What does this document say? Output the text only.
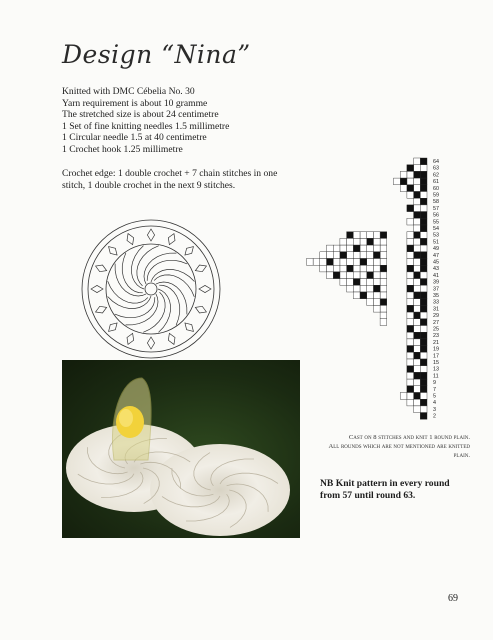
Design “Nina”
Knitted with DMC Cébelia No. 30
Yarn requirement is about 10 gramme
The stretched size is about 24 centimetre
1 Set of fine knitting needles 1.5 millimetre
1 Circular needle 1.5 at 40 centimetre
1 Crochet hook 1.25 millimetre
Crochet edge: 1 double crochet + 7 chain stitches in one stitch, 1 double crochet in the next 9 stitches.
64
63
62
61
60
59
58
57
56
55
54
53
51
49
47
45
43
41
39
37
35
33
31
29
27
25
23
21
19
17
15
13
11
9
7
5
4
3
2
Cast on 8 stitches and knit 1 round plain.
All rounds which are not mentioned are knitted plain.
NB Knit pattern in every round from 57 until round 63.
69
